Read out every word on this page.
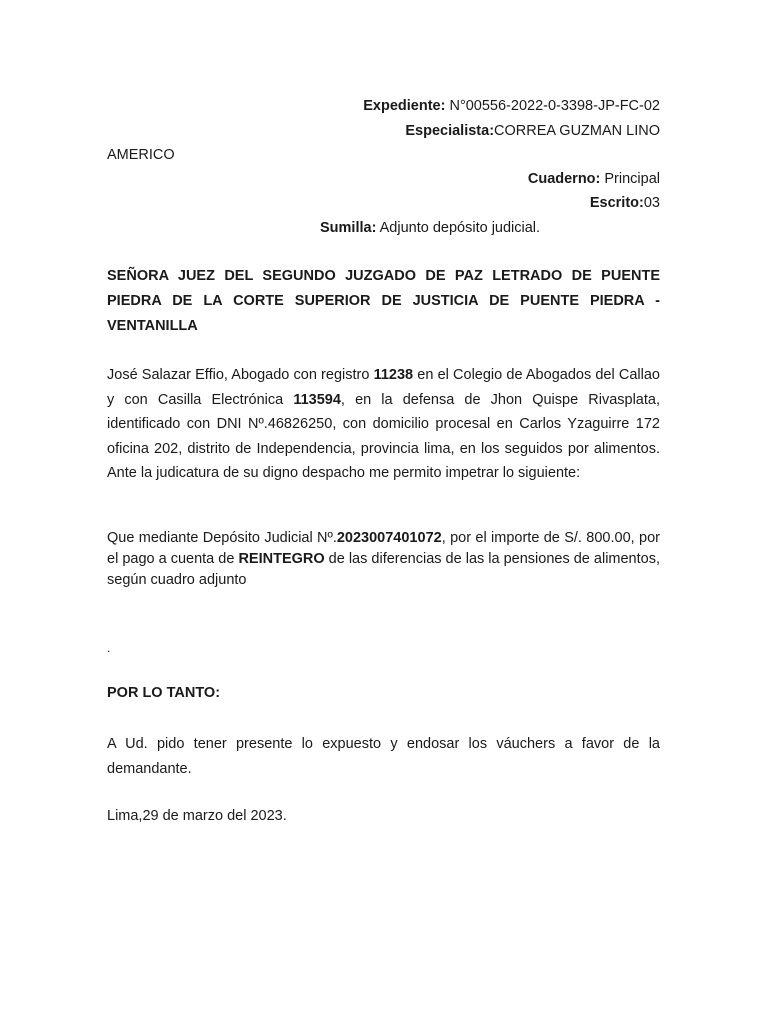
Expediente: N°00556-2022-0-3398-JP-FC-02
Especialista:CORREA GUZMAN LINO
AMERICO
Cuaderno: Principal
Escrito:03
Sumilla: Adjunto depósito judicial.
SEÑORA JUEZ DEL SEGUNDO JUZGADO DE PAZ LETRADO DE PUENTE PIEDRA DE LA CORTE SUPERIOR DE JUSTICIA DE PUENTE PIEDRA - VENTANILLA
José Salazar Effio, Abogado con registro 11238 en el Colegio de Abogados del Callao y con Casilla Electrónica 113594, en la defensa de Jhon Quispe Rivasplata, identificado con DNI Nº.46826250, con domicilio procesal en Carlos Yzaguirre 172 oficina 202, distrito de Independencia, provincia lima, en los seguidos por alimentos. Ante la judicatura de su digno despacho me permito impetrar lo siguiente:
Que mediante Depósito Judicial Nº.2023007401072, por el importe de S/. 800.00, por el pago a cuenta de REINTEGRO de las diferencias de las la pensiones de alimentos, según cuadro adjunto
.
POR LO TANTO:
A Ud. pido tener presente lo expuesto y endosar los váuchers a favor de la demandante.
Lima,29 de marzo del 2023.
